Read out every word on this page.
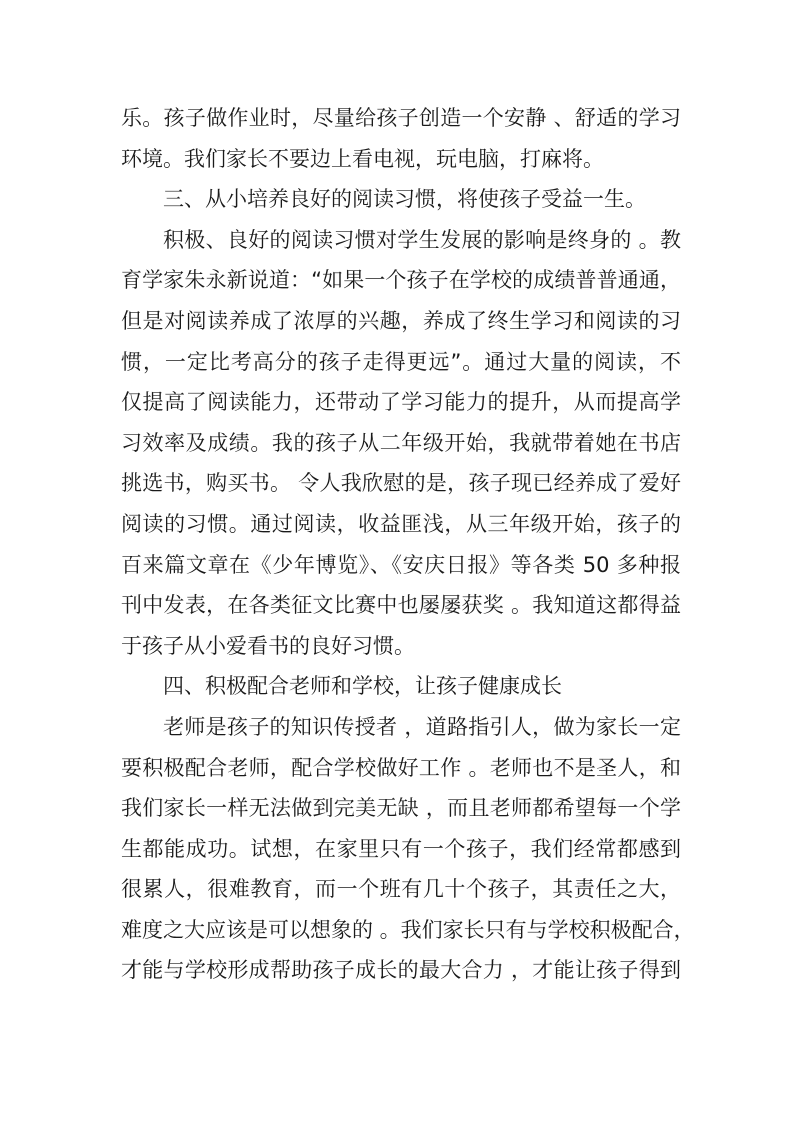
乐。孩子做作业时，尽量给孩子创造一个安静 、舒适的学习
环境。我们家长不要边上看电视，玩电脑，打麻将。
三、从小培养良好的阅读习惯，将使孩子受益一生。
积极、良好的阅读习惯对学生发展的影响是终身的 。教
育学家朱永新说道：“如果一个孩子在学校的成绩普普通通，
但是对阅读养成了浓厚的兴趣，养成了终生学习和阅读的习
惯，一定比考高分的孩子走得更远”。通过大量的阅读，不
仅提高了阅读能力，还带动了学习能力的提升，从而提高学
习效率及成绩。我的孩子从二年级开始，我就带着她在书店
挑选书，购买书。 令人我欣慰的是，孩子现已经养成了爱好
阅读的习惯。通过阅读，收益匪浅，从三年级开始，孩子的
百来篇文章在《少年博览》、《安庆日报》等各类 50 多种报
刊中发表，在各类征文比赛中也屡屡获奖 。我知道这都得益
于孩子从小爱看书的良好习惯。
四、积极配合老师和学校，让孩子健康成长
老师是孩子的知识传授者 ，道路指引人，做为家长一定
要积极配合老师，配合学校做好工作 。老师也不是圣人，和
我们家长一样无法做到完美无缺 ，而且老师都希望每一个学
生都能成功。试想，在家里只有一个孩子，我们经常都感到
很累人，很难教育，而一个班有几十个孩子，其责任之大，
难度之大应该是可以想象的 。我们家长只有与学校积极配合，
才能与学校形成帮助孩子成长的最大合力 ，才能让孩子得到
